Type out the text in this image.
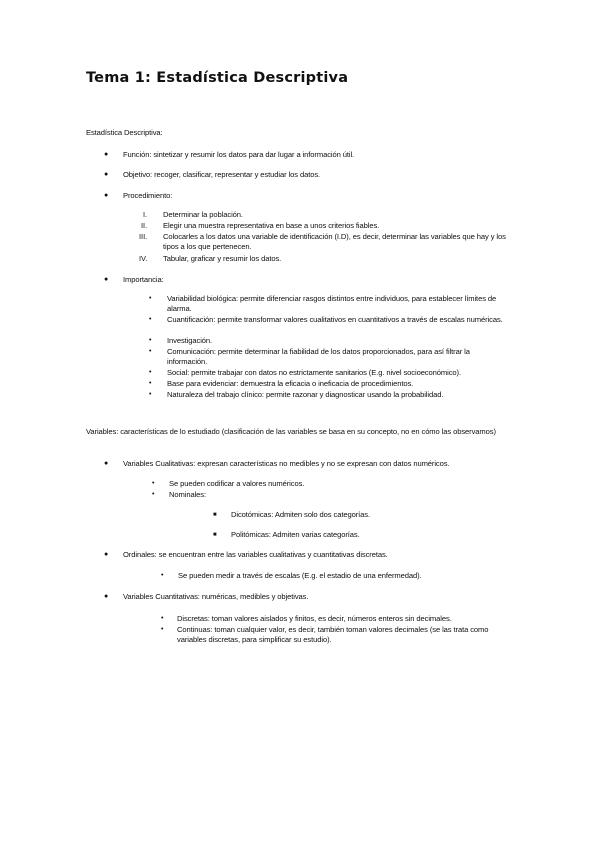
Tema 1: Estadística Descriptiva
Estadística Descriptiva:
● Función: sintetizar y resumir los datos para dar lugar a información útil.
● Objetivo: recoger, clasificar, representar y estudiar los datos.
● Procedimiento:
I. Determinar la población.
II. Elegir una muestra representativa en base a unos criterios fiables.
III. Colocarles a los datos una variable de identificación (I.D), es decir, determinar las variables que hay y los tipos a los que pertenecen.
IV. Tabular, graficar y resumir los datos.
● Importancia:
• Variabilidad biológica: permite diferenciar rasgos distintos entre individuos, para establecer límites de alarma.
• Cuantificación: permite transformar valores cualitativos en cuantitativos a través de escalas numéricas.
• Investigación.
• Comunicación: permite determinar la fiabilidad de los datos proporcionados, para así filtrar la información.
• Social: permite trabajar con datos no estrictamente sanitarios (E.g. nivel socioeconómico).
• Base para evidenciar: demuestra la eficacia o ineficacia de procedimientos.
• Naturaleza del trabajo clínico: permite razonar y diagnosticar usando la probabilidad.
Variables: características de lo estudiado (clasificación de las variables se basa en su concepto, no en cómo las observamos)
● Variables Cualitativas: expresan características no medibles y no se expresan con datos numéricos.
• Se pueden codificar a valores numéricos.
• Nominales:
■ Dicotómicas: Admiten solo dos categorías.
■ Politómicas: Admiten varias categorías.
● Ordinales: se encuentran entre las variables cualitativas y cuantitativas discretas.
• Se pueden medir a través de escalas (E.g. el estadio de una enfermedad).
● Variables Cuantitativas: numéricas, medibles y objetivas.
• Discretas: toman valores aislados y finitos, es decir, números enteros sin decimales.
• Continuas: toman cualquier valor, es decir, también toman valores decimales (se las trata como variables discretas, para simplificar su estudio).
